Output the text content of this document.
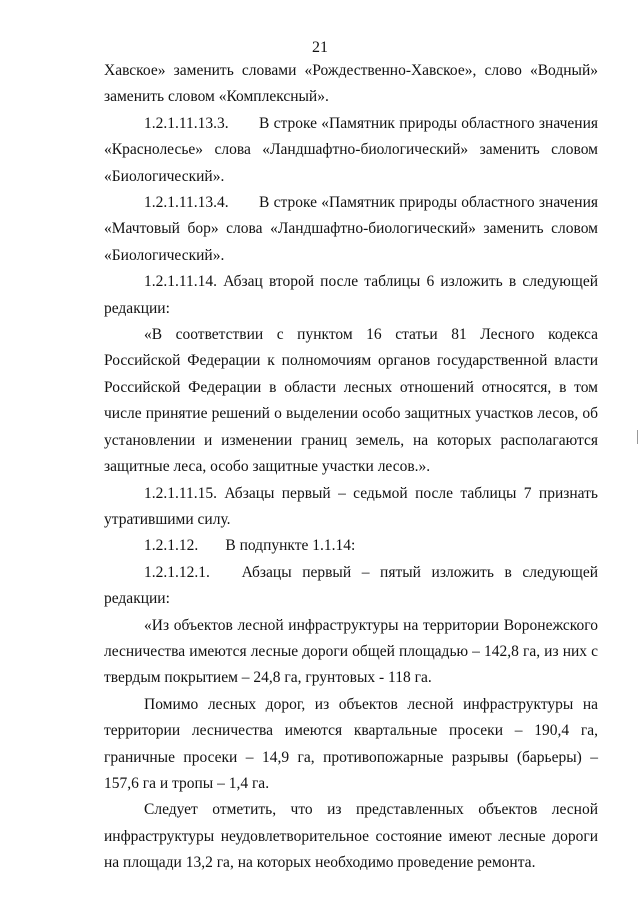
21

Хавское» заменить словами «Рождественно-Хавское», слово «Водный» заменить словом «Комплексный».

1.2.1.11.13.3.       В строке «Памятник природы областного значения «Краснолесье» слова «Ландшафтно-биологический» заменить словом «Биологический».

1.2.1.11.13.4.       В строке «Памятник природы областного значения «Мачтовый бор» слова «Ландшафтно-биологический» заменить словом «Биологический».

1.2.1.11.14. Абзац второй после таблицы 6 изложить в следующей редакции:

«В соответствии с пунктом 16 статьи 81 Лесного кодекса Российской Федерации к полномочиям органов государственной власти Российской Федерации в области лесных отношений относятся, в том числе принятие решений о выделении особо защитных участков лесов, об установлении и изменении границ земель, на которых располагаются защитные леса, особо защитные участки лесов.».

1.2.1.11.15. Абзацы первый – седьмой после таблицы 7 признать утратившими силу.

1.2.1.12.       В подпункте 1.1.14:

1.2.1.12.1.   Абзацы первый – пятый изложить в следующей редакции:

«Из объектов лесной инфраструктуры на территории Воронежского лесничества имеются лесные дороги общей площадью – 142,8 га, из них с твердым покрытием – 24,8 га, грунтовых - 118 га.

Помимо лесных дорог, из объектов лесной инфраструктуры на территории лесничества имеются квартальные просеки – 190,4 га, граничные просеки – 14,9 га, противопожарные разрывы (барьеры) – 157,6 га и тропы – 1,4 га.

Следует отметить, что из представленных объектов лесной инфраструктуры неудовлетворительное состояние имеют лесные дороги на площади 13,2 га, на которых необходимо проведение ремонта.
